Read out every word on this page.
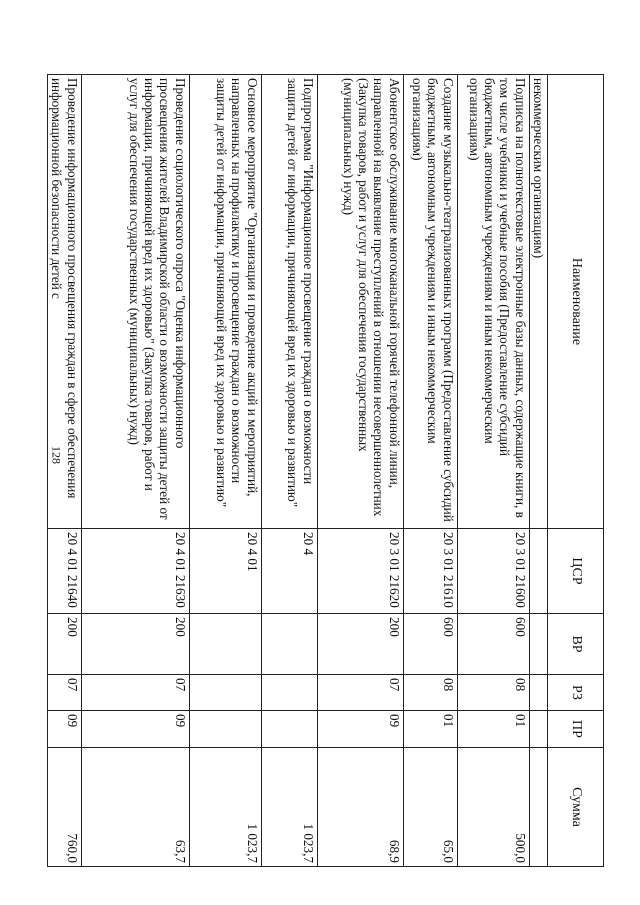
128
Наименование	ЦСР	ВР	РЗ	ПР	Сумма
некоммерческим организациям)					
Подписка на полнотекстовые электронные базы данных, содержащие книги, в том числе учебники и учебные пособия (Предоставление субсидий бюджетным, автономным учреждениям и иным некоммерческим организациям)	20 3 01 21600	600	08	01	500,0
Создание музыкально-театрализованных программ (Предоставление субсидий бюджетным, автономным учреждениям и иным некоммерческим организациям)	20 3 01 21610	600	08	01	65,0
Абонентское обслуживание многоканальной горячей телефонной линии, направленной на выявление преступлений в отношении несовершеннолетних (Закупка товаров, работ и услуг для обеспечения государственных (муниципальных) нужд)	20 3 01 21620	200	07	09	68,9
Подпрограмма "Информационное просвещение граждан о возможности защиты детей от информации, причиняющей вред их здоровью и развитию"	20 4				1 023,7
Основное мероприятие "Организация и проведение акций и мероприятий, направленных на профилактику и просвещение граждан о возможности защиты детей от информации, причиняющей вред их здоровью и развитию"	20 4 01				1 023,7
Проведение социологического опроса "Оценка информационного просвещения жителей Владимирской области о возможности защиты детей от информации, причиняющей вред их здоровью" (Закупка товаров, работ и услуг для обеспечения государственных (муниципальных) нужд)	20 4 01 21630	200	07	09	63,7
Проведение информационного просвещения граждан в сфере обеспечения информационной безопасности детей с	20 4 01 21640	200	07	09	760,0
